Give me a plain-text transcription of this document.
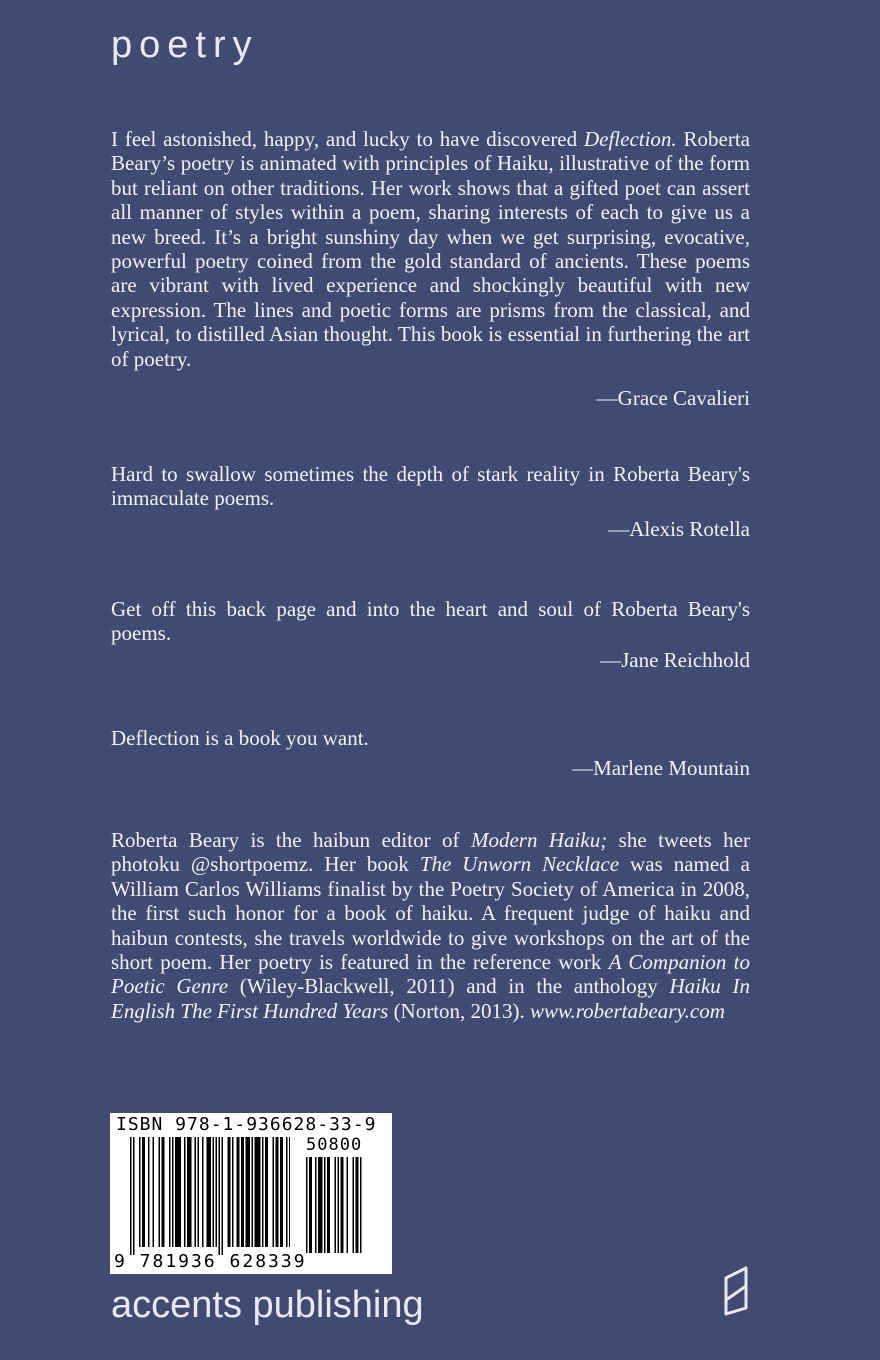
poetry

I feel astonished, happy, and lucky to have discovered Deflection. Roberta Beary’s poetry is animated with principles of Haiku, illustrative of the form but reliant on other traditions. Her work shows that a gifted poet can assert all manner of styles within a poem, sharing interests of each to give us a new breed. It’s a bright sunshiny day when we get surprising, evocative, powerful poetry coined from the gold standard of ancients. These poems are vibrant with lived experience and shockingly beautiful with new expression. The lines and poetic forms are prisms from the classical, and lyrical, to distilled Asian thought. This book is essential in furthering the art of poetry.

—Grace Cavalieri

Hard to swallow sometimes the depth of stark reality in Roberta Beary's immaculate poems.

—Alexis Rotella

Get off this back page and into the heart and soul of Roberta Beary's poems.

—Jane Reichhold

Deflection is a book you want.

—Marlene Mountain

Roberta Beary is the haibun editor of Modern Haiku; she tweets her photoku @shortpoemz. Her book The Unworn Necklace was named a William Carlos Williams finalist by the Poetry Society of America in 2008, the first such honor for a book of haiku. A frequent judge of haiku and haibun contests, she travels worldwide to give workshops on the art of the short poem. Her poetry is featured in the reference work A Companion to Poetic Genre (Wiley-Blackwell, 2011) and in the anthology Haiku In English The First Hundred Years (Norton, 2013). www.robertabeary.com

ISBN 978-1-936628-33-9
50800
9 781936 628339
accents publishing
